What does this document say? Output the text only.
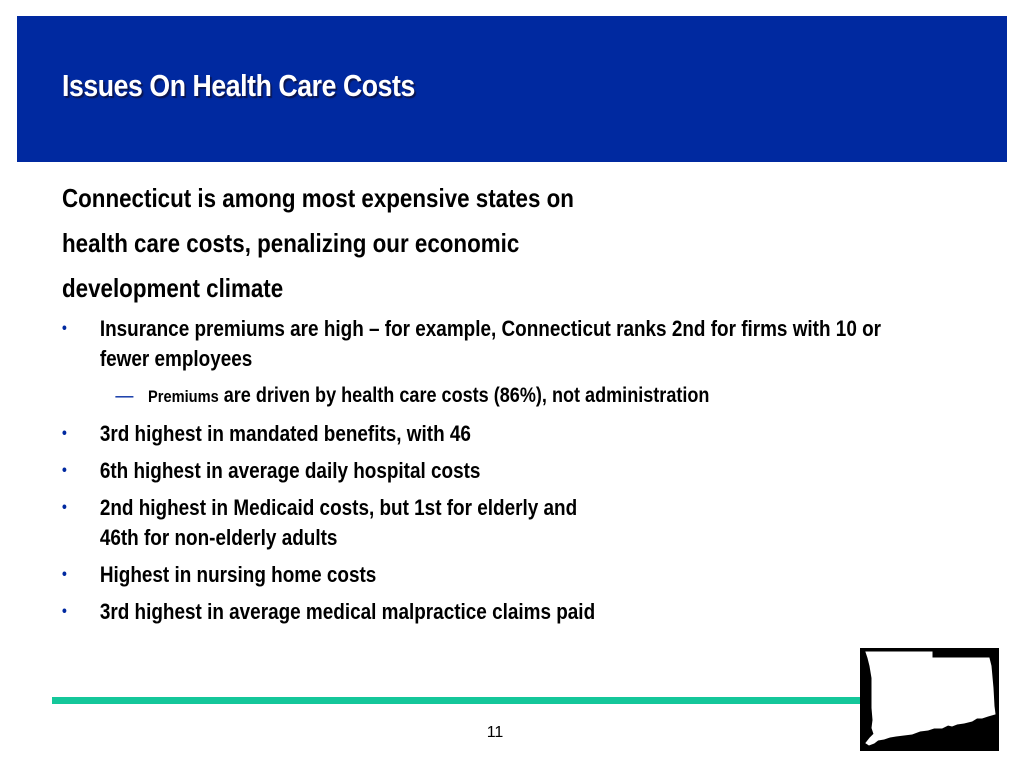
Issues On Health Care Costs
Connecticut is among most expensive states on
health care costs, penalizing our economic
development climate
• Insurance premiums are high – for example, Connecticut ranks 2nd for firms with 10 or
fewer employees
— Premiums are driven by health care costs (86%), not administration
• 3rd highest in mandated benefits, with 46
• 6th highest in average daily hospital costs
• 2nd highest in Medicaid costs, but 1st for elderly and
46th for non-elderly adults
• Highest in nursing home costs
• 3rd highest in average medical malpractice claims paid
11
